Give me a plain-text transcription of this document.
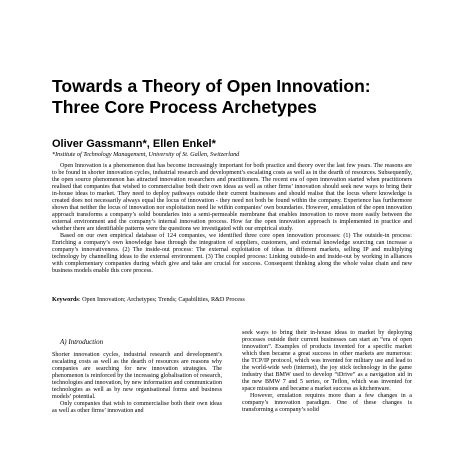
Towards a Theory of Open Innovation:
Three Core Process Archetypes
Oliver Gassmann*, Ellen Enkel*
*Institute of Technology Management, University of St. Gallen, Switzerland

Open Innovation is a phenomenon that has become increasingly important for both practice and theory over the last few years. The reasons are to be found in shorter innovation cycles, industrial research and development’s escalating costs as well as in the dearth of resources. Subsequently, the open source phenomenon has attracted innovation researchers and practitioners. The recent era of open innovation started when practitioners realised that companies that wished to commercialise both their own ideas as well as other firms’ innovation should seek new ways to bring their in-house ideas to market. They need to deploy pathways outside their current businesses and should realise that the locus where knowledge is created does not necessarily always equal the locus of innovation - they need not both be found within the company. Experience has furthermore shown that neither the locus of innovation nor exploitation need lie within companies’ own boundaries. However, emulation of the open innovation approach transforms a company’s solid boundaries into a semi-permeable membrane that enables innovation to move more easily between the external environment and the company’s internal innovation process. How far the open innovation approach is implemented in practice and whether there are identifiable patterns were the questions we investigated with our empirical study.

Based on our own empirical database of 124 companies, we identified three core open innovation processes: (1) The outside-in process: Enriching a company’s own knowledge base through the integration of suppliers, customers, and external knowledge sourcing can increase a company’s innovativeness. (2) The inside-out process: The external exploitation of ideas in different markets, selling IP and multiplying technology by channelling ideas to the external environment. (3) The coupled process: Linking outside-in and inside-out by working in alliances with complementary companies during which give and take are crucial for success. Consequent thinking along the whole value chain and new business models enable this core process.

Keywords: Open Innovation; Archetypes; Trends; Capabilities, R&D Process
A) Introduction

Shorter innovation cycles, industrial research and development’s escalating costs as well as the dearth of resources are reasons why companies are searching for new innovation strategies. The phenomenon is reinforced by the increasing globalisation of research, technologies and innovation, by new information and communication technologies as well as by new organisational forms and business models’ potential.

Only companies that wish to commercialise both their own ideas as well as other firms’ innovation and

seek ways to bring their in-house ideas to market by deploying processes outside their current businesses can start an “era of open innovation”. Examples of products invented for a specific market which then became a great success in other markets are numerous: the TCP/IP protocol, which was invented for military use and lead to the world-wide web (internet), the joy stick technology in the game industry that BMW used to develop “iDrive” as a navigation aid in the new BMW 7 and 5 series, or Teflon, which was invented for space missions and became a market success as kitchenware.

However, emulation requires more than a few changes in a company’s innovation paradigm. One of these changes is transforming a company’s solid
